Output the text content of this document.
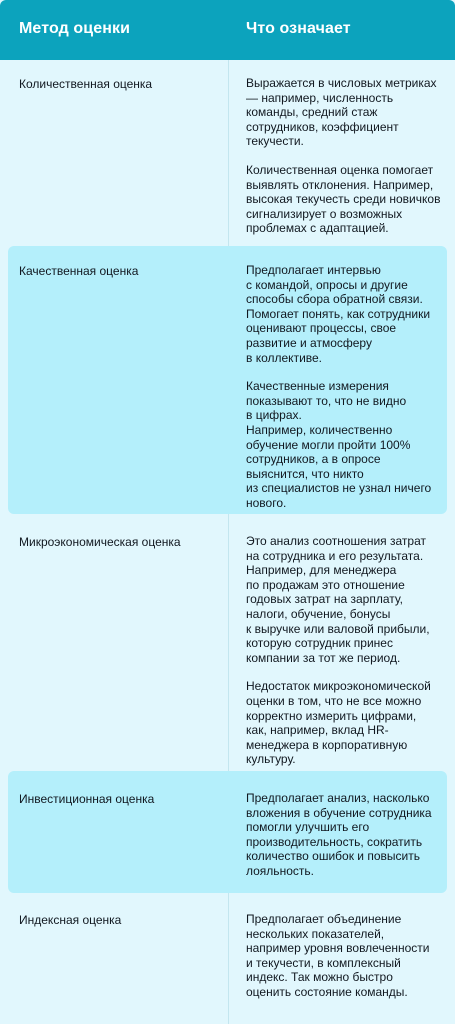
Метод оценки	Что означает
Количественная оценка	Выражается в числовых метриках
— например, численность
команды, средний стаж
сотрудников, коэффициент
текучести.

Количественная оценка помогает
выявлять отклонения. Например,
высокая текучесть среди новичков
сигнализирует о возможных
проблемах с адаптацией.

Качественная оценка	Предполагает интервью
с командой, опросы и другие
способы сбора обратной связи.
Помогает понять, как сотрудники
оценивают процессы, свое
развитие и атмосферу
в коллективе.

Качественные измерения
показывают то, что не видно
в цифрах.
Например, количественно
обучение могли пройти 100%
сотрудников, а в опросе
выяснится, что никто
из специалистов не узнал ничего
нового.

Микроэкономическая оценка	Это анализ соотношения затрат
на сотрудника и его результата.
Например, для менеджера
по продажам это отношение
годовых затрат на зарплату,
налоги, обучение, бонусы
к выручке или валовой прибыли,
которую сотрудник принес
компании за тот же период.

Недостаток микроэкономической
оценки в том, что не все можно
корректно измерить цифрами,
как, например, вклад HR-
менеджера в корпоративную
культуру.

Инвестиционная оценка	Предполагает анализ, насколько
вложения в обучение сотрудника
помогли улучшить его
производительность, сократить
количество ошибок и повысить
лояльность.

Индексная оценка	Предполагает объединение
нескольких показателей,
например уровня вовлеченности
и текучести, в комплексный
индекс. Так можно быстро
оценить состояние команды.
